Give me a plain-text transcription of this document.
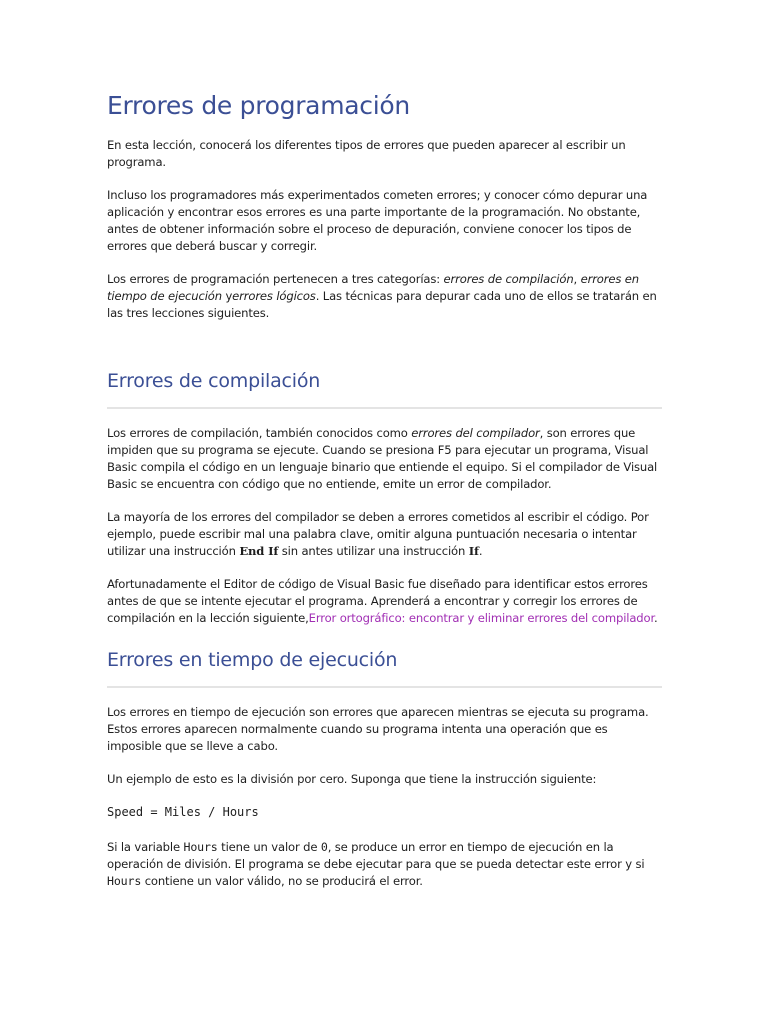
Errores de programación

En esta lección, conocerá los diferentes tipos de errores que pueden aparecer al escribir un programa.

Incluso los programadores más experimentados cometen errores; y conocer cómo depurar una aplicación y encontrar esos errores es una parte importante de la programación. No obstante, antes de obtener información sobre el proceso de depuración, conviene conocer los tipos de errores que deberá buscar y corregir.

Los errores de programación pertenecen a tres categorías: errores de compilación, errores en tiempo de ejecución yerrores lógicos. Las técnicas para depurar cada uno de ellos se tratarán en las tres lecciones siguientes.

Errores de compilación

Los errores de compilación, también conocidos como errores del compilador, son errores que impiden que su programa se ejecute. Cuando se presiona F5 para ejecutar un programa, Visual Basic compila el código en un lenguaje binario que entiende el equipo. Si el compilador de Visual Basic se encuentra con código que no entiende, emite un error de compilador.

La mayoría de los errores del compilador se deben a errores cometidos al escribir el código. Por ejemplo, puede escribir mal una palabra clave, omitir alguna puntuación necesaria o intentar utilizar una instrucción End If sin antes utilizar una instrucción If.

Afortunadamente el Editor de código de Visual Basic fue diseñado para identificar estos errores antes de que se intente ejecutar el programa. Aprenderá a encontrar y corregir los errores de compilación en la lección siguiente,Error ortográfico: encontrar y eliminar errores del compilador.

Errores en tiempo de ejecución

Los errores en tiempo de ejecución son errores que aparecen mientras se ejecuta su programa. Estos errores aparecen normalmente cuando su programa intenta una operación que es imposible que se lleve a cabo.

Un ejemplo de esto es la división por cero. Suponga que tiene la instrucción siguiente:

Speed = Miles / Hours

Si la variable Hours tiene un valor de 0, se produce un error en tiempo de ejecución en la operación de división. El programa se debe ejecutar para que se pueda detectar este error y si Hours contiene un valor válido, no se producirá el error.
